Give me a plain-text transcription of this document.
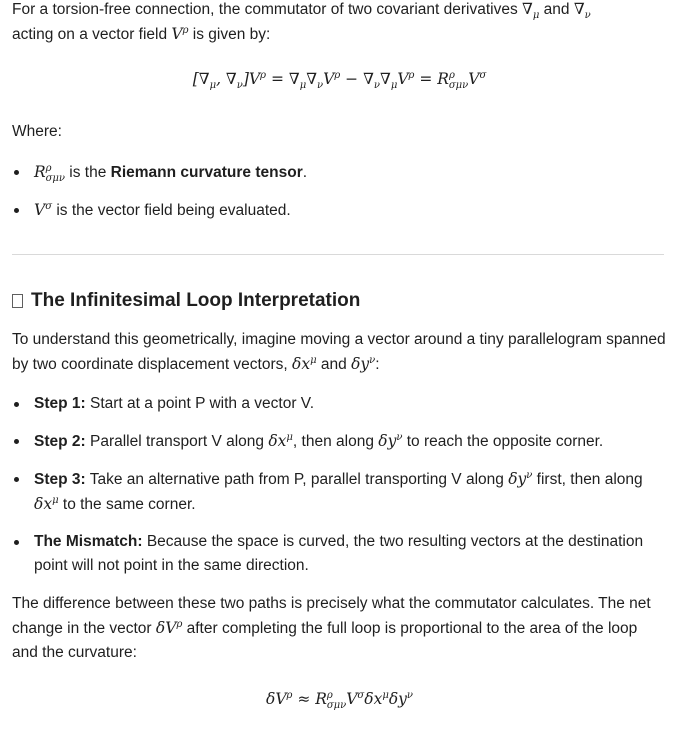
For a torsion-free connection, the commutator of two covariant derivatives $\nabla_\mu$ and $\nabla_\nu$
acting on a vector field $V^\rho$ is given by:

[$\nabla_\mu$, $\nabla_\nu]V^\rho = \nabla_\mu\nabla_\nu V^\rho - \nabla_\nu\nabla_\mu V^\rho = R^\rho_{\sigma\mu\nu}V^\sigma$

Where:

$R^\rho_{\sigma\mu\nu}$ is the Riemann curvature tensor.
$V^\sigma$ is the vector field being evaluated.
The Infinitesimal Loop Interpretation

To understand this geometrically, imagine moving a vector around a tiny parallelogram spanned by two coordinate displacement vectors, $\delta x^\mu$ and $\delta y^\nu$:

Step 1: Start at a point P with a vector V.
Step 2: Parallel transport V along $\delta x^\mu$, then along $\delta y^\nu$ to reach the opposite corner.
Step 3: Take an alternative path from P, parallel transporting V along $\delta y^\nu$ first, then along $\delta x^\mu$ to the same corner.
The Mismatch: Because the space is curved, the two resulting vectors at the destination point will not point in the same direction.

The difference between these two paths is precisely what the commutator calculates. The net change in the vector $\delta V^\rho$ after completing the full loop is proportional to the area of the loop and the curvature:

$\delta V^\rho \approx R^\rho_{\sigma\mu\nu}V^\sigma\delta x^\mu\delta y^\nu$
